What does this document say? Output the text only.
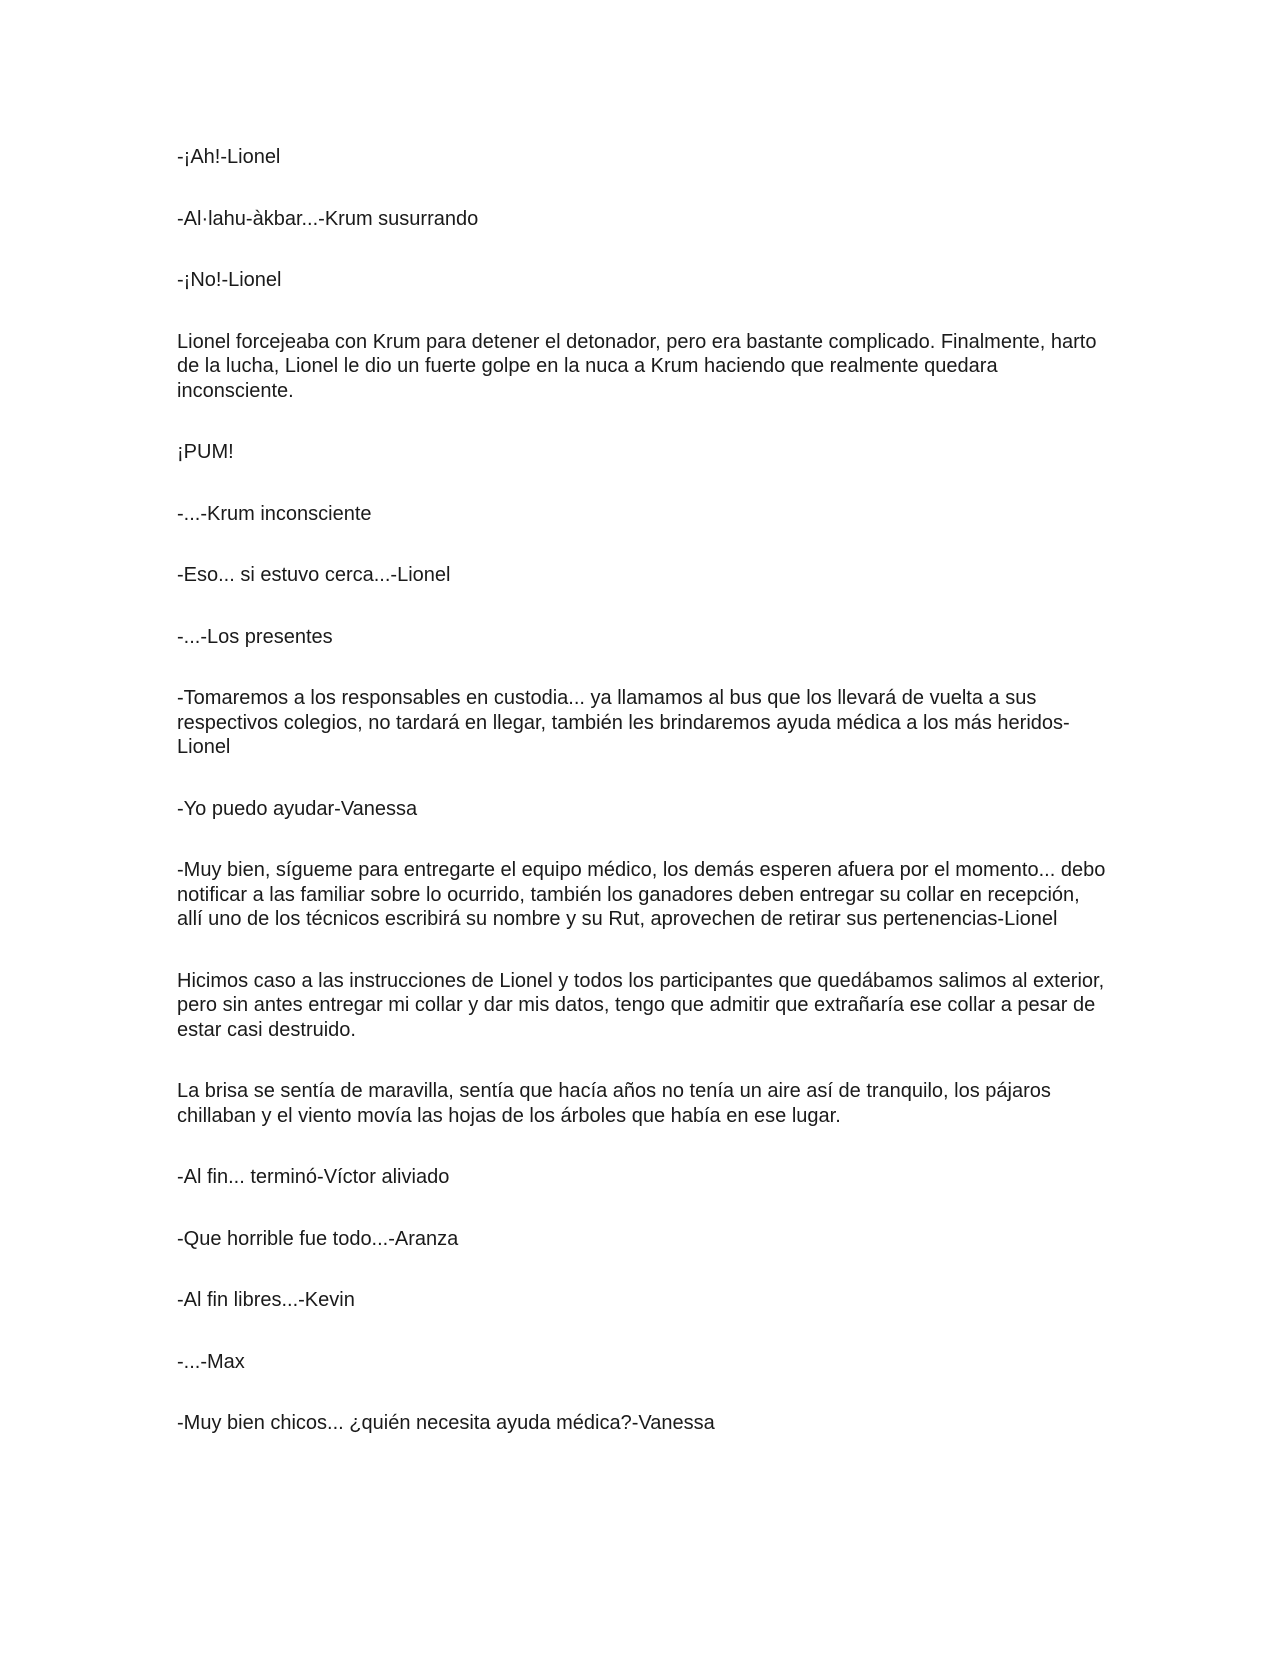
-¡Ah!-Lionel

-Al·lahu-àkbar...-Krum susurrando

-¡No!-Lionel

Lionel forcejeaba con Krum para detener el detonador, pero era bastante complicado. Finalmente, harto de la lucha, Lionel le dio un fuerte golpe en la nuca a Krum haciendo que realmente quedara inconsciente.

¡PUM!

-...-Krum inconsciente

-Eso... si estuvo cerca...-Lionel

-...-Los presentes

-Tomaremos a los responsables en custodia... ya llamamos al bus que los llevará de vuelta a sus respectivos colegios, no tardará en llegar, también les brindaremos ayuda médica a los más heridos-Lionel

-Yo puedo ayudar-Vanessa

-Muy bien, sígueme para entregarte el equipo médico, los demás esperen afuera por el momento... debo notificar a las familiar sobre lo ocurrido, también los ganadores deben entregar su collar en recepción, allí uno de los técnicos escribirá su nombre y su Rut, aprovechen de retirar sus pertenencias-Lionel

Hicimos caso a las instrucciones de Lionel y todos los participantes que quedábamos salimos al exterior, pero sin antes entregar mi collar y dar mis datos, tengo que admitir que extrañaría ese collar a pesar de estar casi destruido.

La brisa se sentía de maravilla, sentía que hacía años no tenía un aire así de tranquilo, los pájaros chillaban y el viento movía las hojas de los árboles que había en ese lugar.

-Al fin... terminó-Víctor aliviado

-Que horrible fue todo...-Aranza

-Al fin libres...-Kevin

-...-Max

-Muy bien chicos... ¿quién necesita ayuda médica?-Vanessa
